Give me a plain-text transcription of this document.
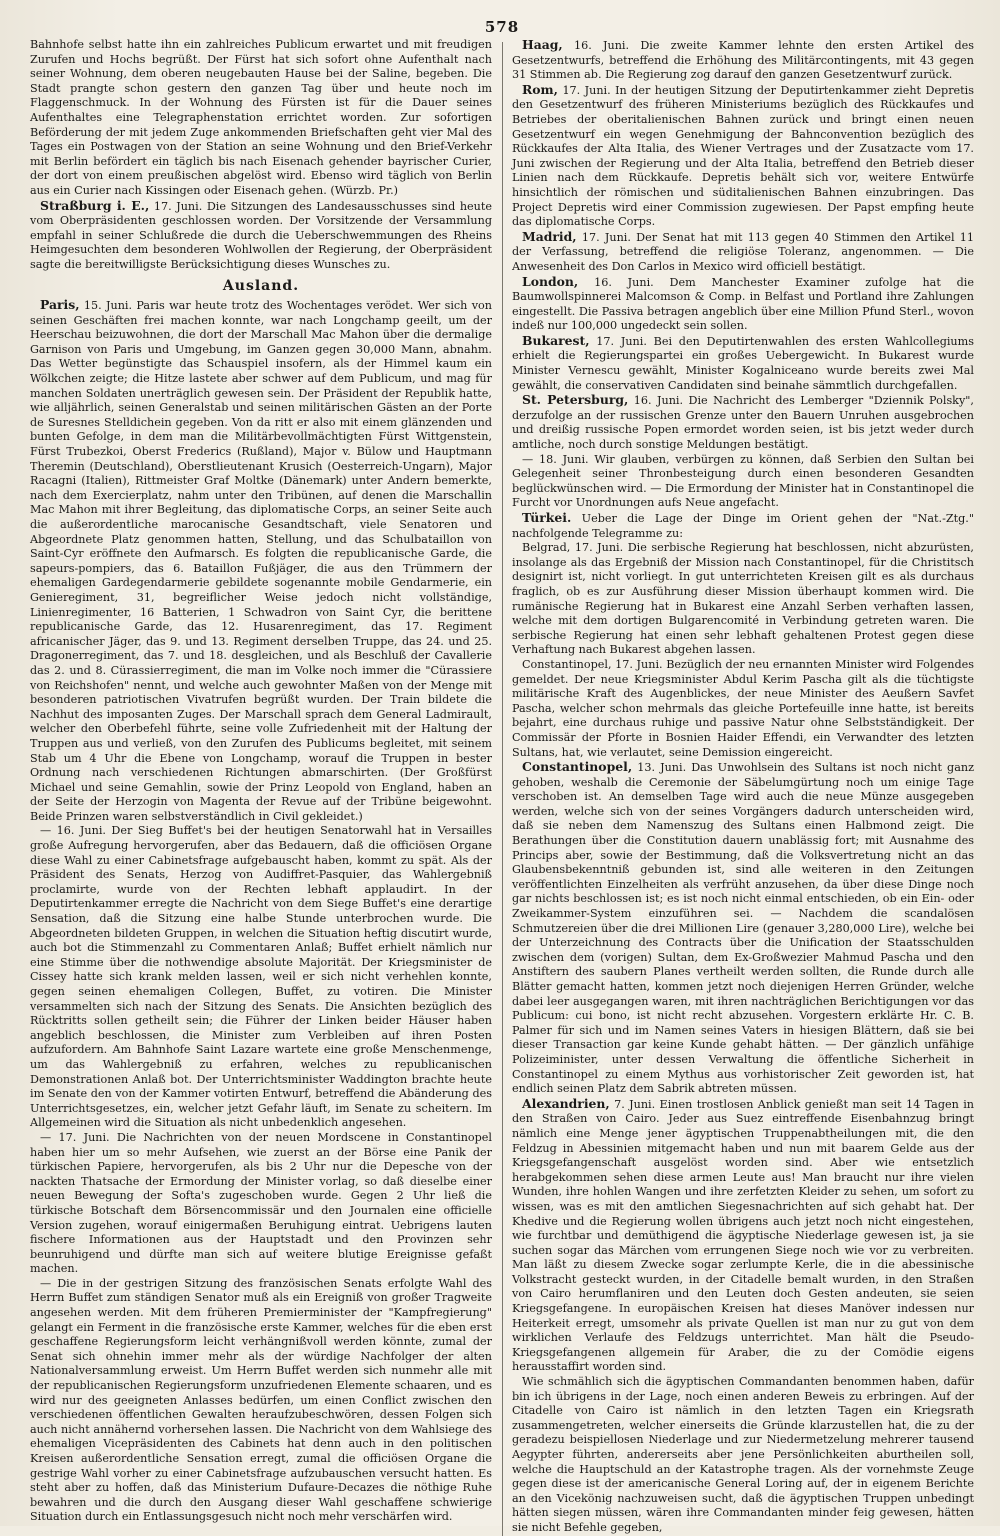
578

Bahnhofe selbst hatte ihn ein zahlreiches Publicum erwartet und mit freudigen Zurufen und Hochs begrüßt. Der Fürst hat sich sofort ohne Aufenthalt nach seiner Wohnung, dem oberen neugebauten Hause bei der Saline, begeben. Die Stadt prangte schon gestern den ganzen Tag über und heute noch im Flaggenschmuck. In der Wohnung des Fürsten ist für die Dauer seines Aufenthaltes eine Telegraphenstation errichtet worden. Zur sofortigen Beförderung der mit jedem Zuge ankommenden Briefschaften geht vier Mal des Tages ein Postwagen von der Station an seine Wohnung und den Brief-Verkehr mit Berlin befördert ein täglich bis nach Eisenach gehender bayrischer Curier, der dort von einem preußischen abgelöst wird. Ebenso wird täglich von Berlin aus ein Curier nach Kissingen oder Eisenach gehen. (Würzb. Pr.)

Straßburg i. E., 17. Juni. Die Sitzungen des Landesausschusses sind heute vom Oberpräsidenten geschlossen worden. Der Vorsitzende der Versammlung empfahl in seiner Schlußrede die durch die Ueberschwemmungen des Rheins Heimgesuchten dem besonderen Wohlwollen der Regierung, der Oberpräsident sagte die bereitwilligste Berücksichtigung dieses Wunsches zu.

Ausland.

Paris, 15. Juni. Paris war heute trotz des Wochentages verödet. Wer sich von seinen Geschäften frei machen konnte, war nach Longchamp geeilt, um der Heerschau beizuwohnen, die dort der Marschall Mac Mahon über die dermalige Garnison von Paris und Umgebung, im Ganzen gegen 30,000 Mann, abnahm. Das Wetter begünstigte das Schauspiel insofern, als der Himmel kaum ein Wölkchen zeigte; die Hitze lastete aber schwer auf dem Publicum, und mag für manchen Soldaten unerträglich gewesen sein. Der Präsident der Republik hatte, wie alljährlich, seinen Generalstab und seinen militärischen Gästen an der Porte de Suresnes Stelldichein gegeben. Von da ritt er also mit einem glänzenden und bunten Gefolge, in dem man die Militärbevollmächtigten Fürst Wittgenstein, Fürst Trubezkoi, Oberst Frederics (Rußland), Major v. Bülow und Hauptmann Theremin (Deutschland), Oberstlieutenant Krusich (Oesterreich-Ungarn), Major Racagni (Italien), Rittmeister Graf Moltke (Dänemark) unter Andern bemerkte, nach dem Exercierplatz, nahm unter den Tribünen, auf denen die Marschallin Mac Mahon mit ihrer Begleitung, das diplomatische Corps, an seiner Seite auch die außerordentliche marocanische Gesandtschaft, viele Senatoren und Abgeordnete Platz genommen hatten, Stellung, und das Schulbataillon von Saint-Cyr eröffnete den Aufmarsch. Es folgten die republicanische Garde, die sapeurs-pompiers, das 6. Bataillon Fußjäger, die aus den Trümmern der ehemaligen Gardegendarmerie gebildete sogenannte mobile Gendarmerie, ein Genieregiment, 31, begreiflicher Weise jedoch nicht vollständige, Linienregimenter, 16 Batterien, 1 Schwadron von Saint Cyr, die berittene republicanische Garde, das 12. Husarenregiment, das 17. Regiment africanischer Jäger, das 9. und 13. Regiment derselben Truppe, das 24. und 25. Dragonerregiment, das 7. und 18. desgleichen, und als Beschluß der Cavallerie das 2. und 8. Cürassierregiment, die man im Volke noch immer die "Cürassiere von Reichshofen" nennt, und welche auch gewohnter Maßen von der Menge mit besonderen patriotischen Vivatrufen begrüßt wurden. Der Train bildete die Nachhut des imposanten Zuges. Der Marschall sprach dem General Ladmirault, welcher den Oberbefehl führte, seine volle Zufriedenheit mit der Haltung der Truppen aus und verließ, von den Zurufen des Publicums begleitet, mit seinem Stab um 4 Uhr die Ebene von Longchamp, worauf die Truppen in bester Ordnung nach verschiedenen Richtungen abmarschirten. (Der Großfürst Michael und seine Gemahlin, sowie der Prinz Leopold von England, haben an der Seite der Herzogin von Magenta der Revue auf der Tribüne beigewohnt. Beide Prinzen waren selbstverständlich in Civil gekleidet.)

— 16. Juni. Der Sieg Buffet's bei der heutigen Senatorwahl hat in Versailles große Aufregung hervorgerufen, aber das Bedauern, daß die officiösen Organe diese Wahl zu einer Cabinetsfrage aufgebauscht haben, kommt zu spät. Als der Präsident des Senats, Herzog von Audiffret-Pasquier, das Wahlergebniß proclamirte, wurde von der Rechten lebhaft applaudirt. In der Deputirtenkammer erregte die Nachricht von dem Siege Buffet's eine derartige Sensation, daß die Sitzung eine halbe Stunde unterbrochen wurde. Die Abgeordneten bildeten Gruppen, in welchen die Situation heftig discutirt wurde, auch bot die Stimmenzahl zu Commentaren Anlaß; Buffet erhielt nämlich nur eine Stimme über die nothwendige absolute Majorität. Der Kriegsminister de Cissey hatte sich krank melden lassen, weil er sich nicht verhehlen konnte, gegen seinen ehemaligen Collegen, Buffet, zu votiren. Die Minister versammelten sich nach der Sitzung des Senats. Die Ansichten bezüglich des Rücktritts sollen getheilt sein; die Führer der Linken beider Häuser haben angeblich beschlossen, die Minister zum Verbleiben auf ihren Posten aufzufordern. Am Bahnhofe Saint Lazare wartete eine große Menschenmenge, um das Wahlergebniß zu erfahren, welches zu republicanischen Demonstrationen Anlaß bot. Der Unterrichtsminister Waddington brachte heute im Senate den von der Kammer votirten Entwurf, betreffend die Abänderung des Unterrichtsgesetzes, ein, welcher jetzt Gefahr läuft, im Senate zu scheitern. Im Allgemeinen wird die Situation als nicht unbedenklich angesehen.

— 17. Juni. Die Nachrichten von der neuen Mordscene in Constantinopel haben hier um so mehr Aufsehen, wie zuerst an der Börse eine Panik der türkischen Papiere, hervorgerufen, als bis 2 Uhr nur die Depesche von der nackten Thatsache der Ermordung der Minister vorlag, so daß dieselbe einer neuen Bewegung der Softa's zugeschoben wurde. Gegen 2 Uhr ließ die türkische Botschaft dem Börsencommissär und den Journalen eine officielle Version zugehen, worauf einigermaßen Beruhigung eintrat. Uebrigens lauten fischere Informationen aus der Hauptstadt und den Provinzen sehr beunruhigend und dürfte man sich auf weitere blutige Ereignisse gefaßt machen.

— Die in der gestrigen Sitzung des französischen Senats erfolgte Wahl des Herrn Buffet zum ständigen Senator muß als ein Ereigniß von großer Tragweite angesehen werden. Mit dem früheren Premierminister der "Kampfregierung" gelangt ein Ferment in die französische erste Kammer, welches für die eben erst geschaffene Regierungsform leicht verhängnißvoll werden könnte, zumal der Senat sich ohnehin immer mehr als der würdige Nachfolger der alten Nationalversammlung erweist. Um Herrn Buffet werden sich nunmehr alle mit der republicanischen Regierungsform unzufriedenen Elemente schaaren, und es wird nur des geeigneten Anlasses bedürfen, um einen Conflict zwischen den verschiedenen öffentlichen Gewalten heraufzubeschwören, dessen Folgen sich auch nicht annähernd vorhersehen lassen. Die Nachricht von dem Wahlsiege des ehemaligen Vicepräsidenten des Cabinets hat denn auch in den politischen Kreisen außerordentliche Sensation erregt, zumal die officiösen Organe die gestrige Wahl vorher zu einer Cabinetsfrage aufzubauschen versucht hatten. Es steht aber zu hoffen, daß das Ministerium Dufaure-Decazes die nöthige Ruhe bewahren und die durch den Ausgang dieser Wahl geschaffene schwierige Situation durch ein Entlassungsgesuch nicht noch mehr verschärfen wird.

Haag, 16. Juni. Die zweite Kammer lehnte den ersten Artikel des Gesetzentwurfs, betreffend die Erhöhung des Militärcontingents, mit 43 gegen 31 Stimmen ab. Die Regierung zog darauf den ganzen Gesetzentwurf zurück.

Rom, 17. Juni. In der heutigen Sitzung der Deputirtenkammer zieht Depretis den Gesetzentwurf des früheren Ministeriums bezüglich des Rückkaufes und Betriebes der oberitalienischen Bahnen zurück und bringt einen neuen Gesetzentwurf ein wegen Genehmigung der Bahnconvention bezüglich des Rückkaufes der Alta Italia, des Wiener Vertrages und der Zusatzacte vom 17. Juni zwischen der Regierung und der Alta Italia, betreffend den Betrieb dieser Linien nach dem Rückkaufe. Depretis behält sich vor, weitere Entwürfe hinsichtlich der römischen und süditalienischen Bahnen einzubringen. Das Project Depretis wird einer Commission zugewiesen. Der Papst empfing heute das diplomatische Corps.

Madrid, 17. Juni. Der Senat hat mit 113 gegen 40 Stimmen den Artikel 11 der Verfassung, betreffend die religiöse Toleranz, angenommen. — Die Anwesenheit des Don Carlos in Mexico wird officiell bestätigt.

London, 16. Juni. Dem Manchester Examiner zufolge hat die Baumwollspinnerei Malcomson & Comp. in Belfast und Portland ihre Zahlungen eingestellt. Die Passiva betragen angeblich über eine Million Pfund Sterl., wovon indeß nur 100,000 ungedeckt sein sollen.

Bukarest, 17. Juni. Bei den Deputirtenwahlen des ersten Wahlcollegiums erhielt die Regierungspartei ein großes Uebergewicht. In Bukarest wurde Minister Vernescu gewählt, Minister Kogalniceano wurde bereits zwei Mal gewählt, die conservativen Candidaten sind beinahe sämmtlich durchgefallen.

St. Petersburg, 16. Juni. Die Nachricht des Lemberger "Dziennik Polsky", derzufolge an der russischen Grenze unter den Bauern Unruhen ausgebrochen und dreißig russische Popen ermordet worden seien, ist bis jetzt weder durch amtliche, noch durch sonstige Meldungen bestätigt.

— 18. Juni. Wir glauben, verbürgen zu können, daß Serbien den Sultan bei Gelegenheit seiner Thronbesteigung durch einen besonderen Gesandten beglückwünschen wird. — Die Ermordung der Minister hat in Constantinopel die Furcht vor Unordnungen aufs Neue angefacht.

Türkei. Ueber die Lage der Dinge im Orient gehen der "Nat.-Ztg." nachfolgende Telegramme zu:

Belgrad, 17. Juni. Die serbische Regierung hat beschlossen, nicht abzurüsten, insolange als das Ergebniß der Mission nach Constantinopel, für die Christitsch designirt ist, nicht vorliegt. In gut unterrichteten Kreisen gilt es als durchaus fraglich, ob es zur Ausführung dieser Mission überhaupt kommen wird. Die rumänische Regierung hat in Bukarest eine Anzahl Serben verhaften lassen, welche mit dem dortigen Bulgarencomité in Verbindung getreten waren. Die serbische Regierung hat einen sehr lebhaft gehaltenen Protest gegen diese Verhaftung nach Bukarest abgehen lassen.

Constantinopel, 17. Juni. Bezüglich der neu ernannten Minister wird Folgendes gemeldet. Der neue Kriegsminister Abdul Kerim Pascha gilt als die tüchtigste militärische Kraft des Augenblickes, der neue Minister des Aeußern Savfet Pascha, welcher schon mehrmals das gleiche Portefeuille inne hatte, ist bereits bejahrt, eine durchaus ruhige und passive Natur ohne Selbstständigkeit. Der Commissär der Pforte in Bosnien Haider Effendi, ein Verwandter des letzten Sultans, hat, wie verlautet, seine Demission eingereicht.

Constantinopel, 13. Juni. Das Unwohlsein des Sultans ist noch nicht ganz gehoben, weshalb die Ceremonie der Säbelumgürtung noch um einige Tage verschoben ist. An demselben Tage wird auch die neue Münze ausgegeben werden, welche sich von der seines Vorgängers dadurch unterscheiden wird, daß sie neben dem Namenszug des Sultans einen Halbmond zeigt. Die Berathungen über die Constitution dauern unablässig fort; mit Ausnahme des Princips aber, sowie der Bestimmung, daß die Volksvertretung nicht an das Glaubensbekenntniß gebunden ist, sind alle weiteren in den Zeitungen veröffentlichten Einzelheiten als verfrüht anzusehen, da über diese Dinge noch gar nichts beschlossen ist; es ist noch nicht einmal entschieden, ob ein Ein- oder Zweikammer-System einzuführen sei. — Nachdem die scandalösen Schmutzereien über die drei Millionen Lire (genauer 3,280,000 Lire), welche bei der Unterzeichnung des Contracts über die Unification der Staatsschulden zwischen dem (vorigen) Sultan, dem Ex-Großwezier Mahmud Pascha und den Anstiftern des saubern Planes vertheilt werden sollten, die Runde durch alle Blätter gemacht hatten, kommen jetzt noch diejenigen Herren Gründer, welche dabei leer ausgegangen waren, mit ihren nachträglichen Berichtigungen vor das Publicum: cui bono, ist nicht recht abzusehen. Vorgestern erklärte Hr. C. B. Palmer für sich und im Namen seines Vaters in hiesigen Blättern, daß sie bei dieser Transaction gar keine Kunde gehabt hätten. — Der gänzlich unfähige Polizeiminister, unter dessen Verwaltung die öffentliche Sicherheit in Constantinopel zu einem Mythus aus vorhistorischer Zeit geworden ist, hat endlich seinen Platz dem Sabrik abtreten müssen.

Alexandrien, 7. Juni. Einen trostlosen Anblick genießt man seit 14 Tagen in den Straßen von Cairo. Jeder aus Suez eintreffende Eisenbahnzug bringt nämlich eine Menge jener ägyptischen Truppenabtheilungen mit, die den Feldzug in Abessinien mitgemacht haben und nun mit baarem Gelde aus der Kriegsgefangenschaft ausgelöst worden sind. Aber wie entsetzlich herabgekommen sehen diese armen Leute aus! Man braucht nur ihre vielen Wunden, ihre hohlen Wangen und ihre zerfetzten Kleider zu sehen, um sofort zu wissen, was es mit den amtlichen Siegesnachrichten auf sich gehabt hat. Der Khedive und die Regierung wollen übrigens auch jetzt noch nicht eingestehen, wie furchtbar und demüthigend die ägyptische Niederlage gewesen ist, ja sie suchen sogar das Märchen vom errungenen Siege noch wie vor zu verbreiten. Man läßt zu diesem Zwecke sogar zerlumpte Kerle, die in die abessinische Volkstracht gesteckt wurden, in der Citadelle bemalt wurden, in den Straßen von Cairo herumflaniren und den Leuten doch Gesten andeuten, sie seien Kriegsgefangene. In europäischen Kreisen hat dieses Manöver indessen nur Heiterkeit erregt, umsomehr als private Quellen ist man nur zu gut von dem wirklichen Verlaufe des Feldzugs unterrichtet. Man hält die Pseudo-Kriegsgefangenen allgemein für Araber, die zu der Comödie eigens herausstaffirt worden sind.

Wie schmählich sich die ägyptischen Commandanten benommen haben, dafür bin ich übrigens in der Lage, noch einen anderen Beweis zu erbringen. Auf der Citadelle von Cairo ist nämlich in den letzten Tagen ein Kriegsrath zusammengetreten, welcher einerseits die Gründe klarzustellen hat, die zu der geradezu beispiellosen Niederlage und zur Niedermetzelung mehrerer tausend Aegypter führten, andererseits aber jene Persönlichkeiten aburtheilen soll, welche die Hauptschuld an der Katastrophe tragen. Als der vornehmste Zeuge gegen diese ist der americanische General Loring auf, der in eigenem Berichte an den Vicekönig nachzuweisen sucht, daß die ägyptischen Truppen unbedingt hätten siegen müssen, wären ihre Commandanten minder feig gewesen, hätten sie nicht Befehle gegeben,
